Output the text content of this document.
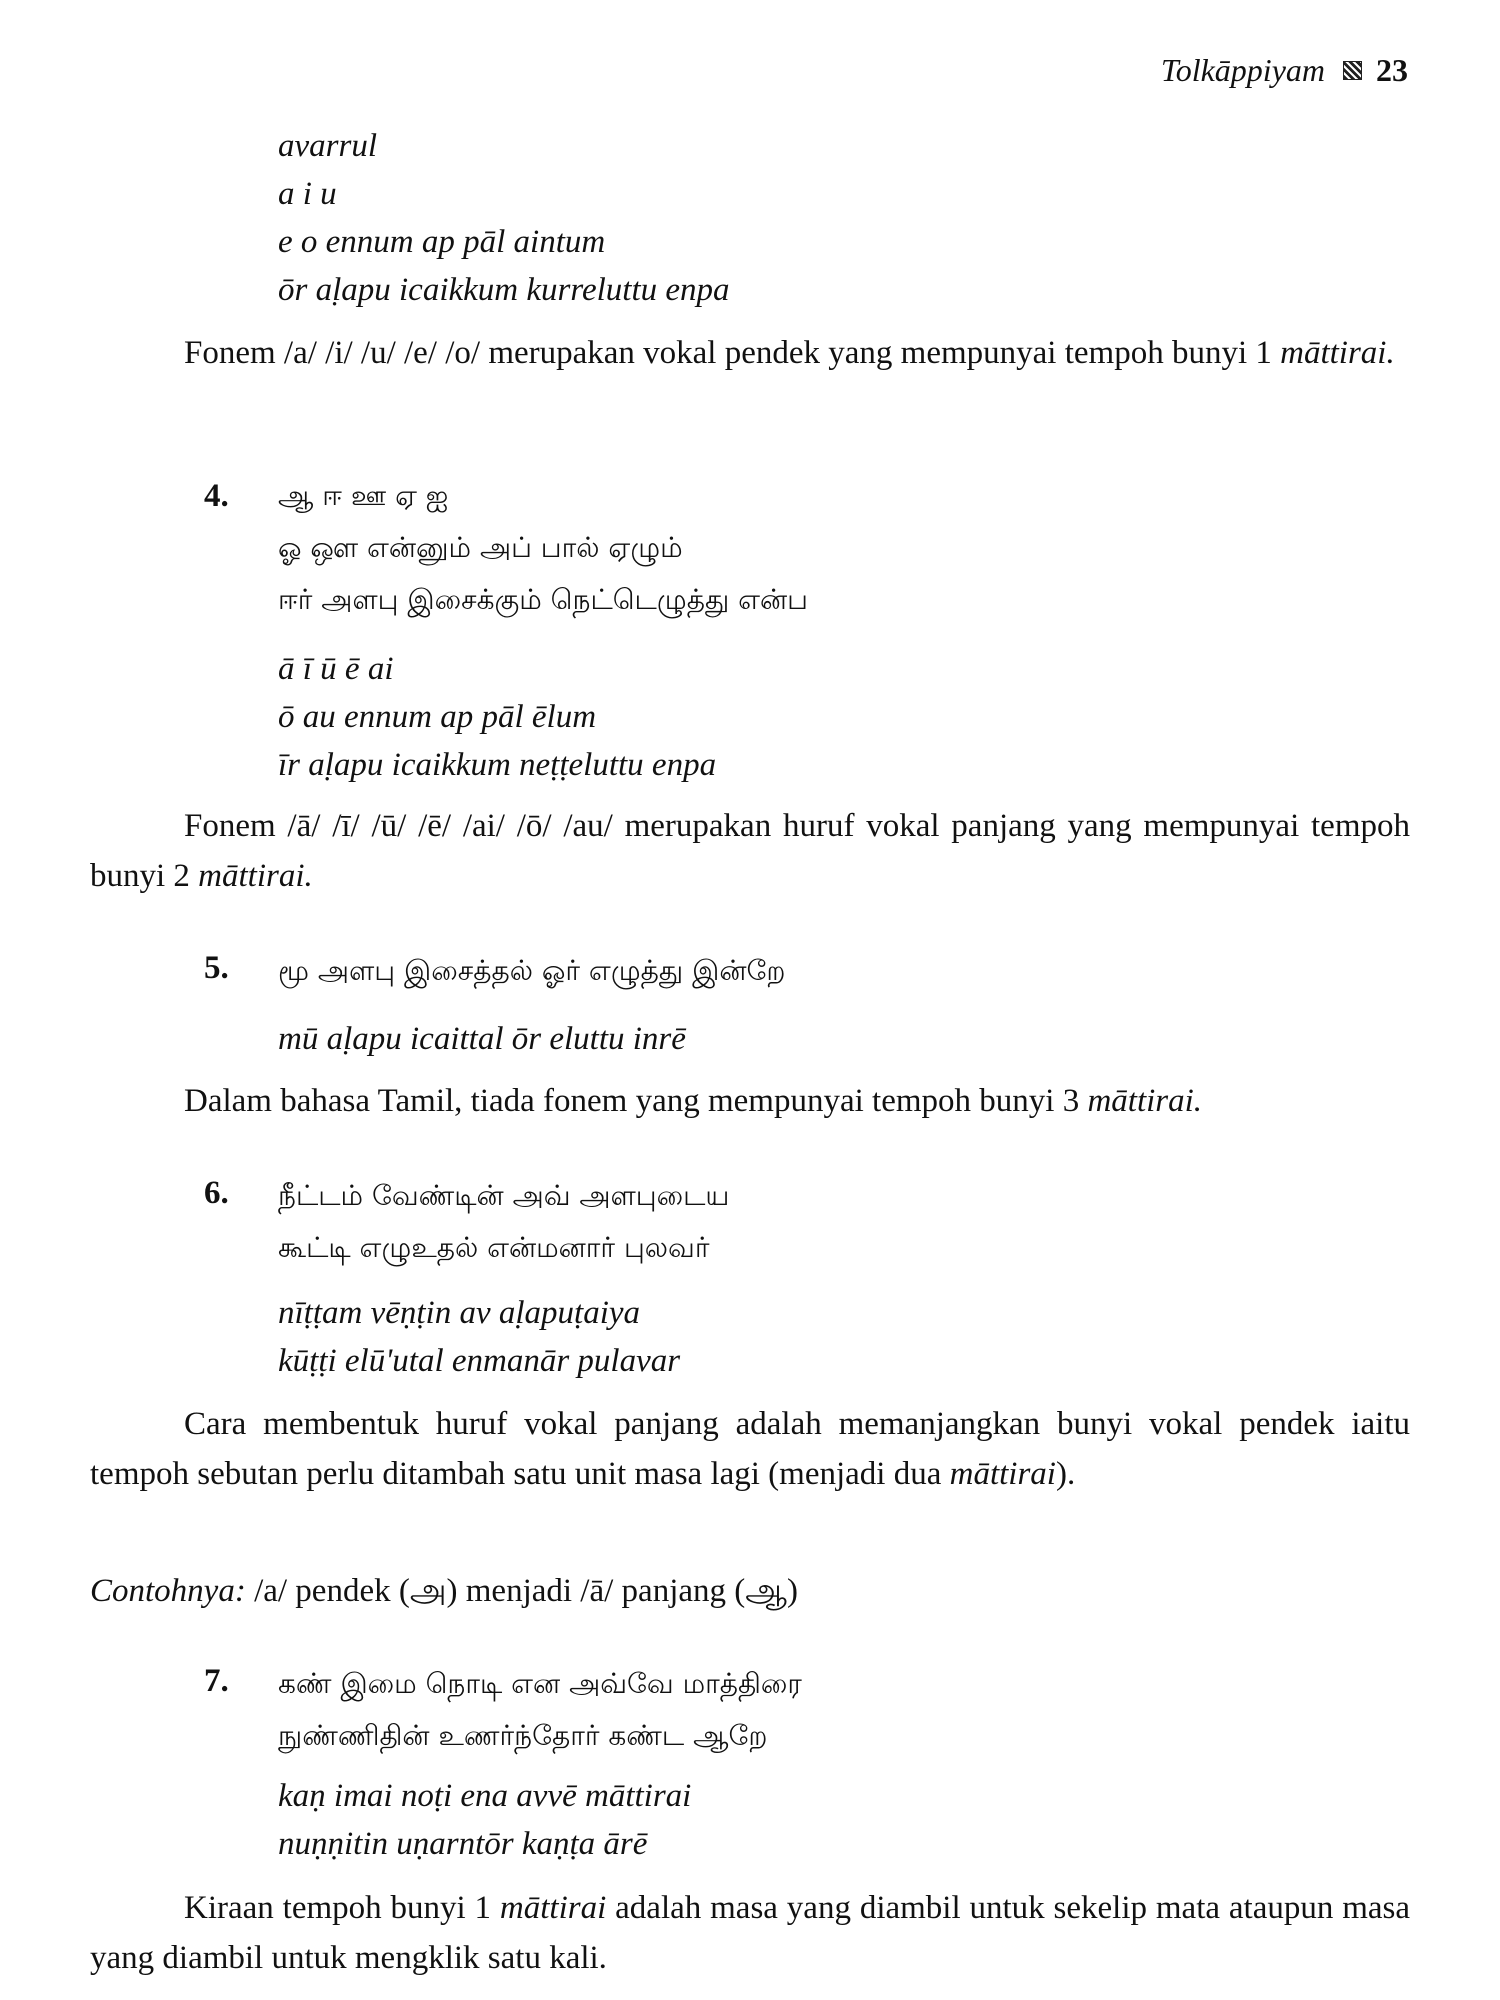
Tolkāppiyam 23
avarrul
a i u
e o ennum ap pāl aintum
ōr aḷapu icaikkum kurreluttu enpa

Fonem /a/ /i/ /u/ /e/ /o/ merupakan vokal pendek yang mempunyai tempoh bunyi 1 māttirai.

4. ஆ ஈ ஊ ஏ ஐ
ஓ ஔ என்னும் அப் பால் ஏழும்
ஈர் அளபு இசைக்கும் நெட்டெழுத்து என்ப
ā ī ū ē ai
ō au ennum ap pāl ēlum
īr aḷapu icaikkum neṭṭeluttu enpa

Fonem /ā/ /ī/ /ū/ /ē/ /ai/ /ō/ /au/ merupakan huruf vokal panjang yang mempunyai tempoh bunyi 2 māttirai.

5. மூ அளபு இசைத்தல் ஓர் எழுத்து இன்றே
mū aḷapu icaittal ōr eluttu inrē

Dalam bahasa Tamil, tiada fonem yang mempunyai tempoh bunyi 3 māttirai.

6. நீட்டம் வேண்டின் அவ் அளபுடைய
கூட்டி எழுஉதல் என்மனார் புலவர்
nīṭṭam vēṇṭin av aḷapuṭaiya
kūṭṭi elū'utal enmanār pulavar

Cara membentuk huruf vokal panjang adalah memanjangkan bunyi vokal pendek iaitu tempoh sebutan perlu ditambah satu unit masa lagi (menjadi dua māttirai).

Contohnya: /a/ pendek (அ) menjadi /ā/ panjang (ஆ)

7. கண் இமை நொடி என அவ்வே மாத்திரை
நுண்ணிதின் உணர்ந்தோர் கண்ட ஆறே
kaṇ imai noṭi ena avvē māttirai
nuṇṇitin uṇarntōr kaṇṭa ārē

Kiraan tempoh bunyi 1 māttirai adalah masa yang diambil untuk sekelip mata ataupun masa yang diambil untuk mengklik satu kali.
